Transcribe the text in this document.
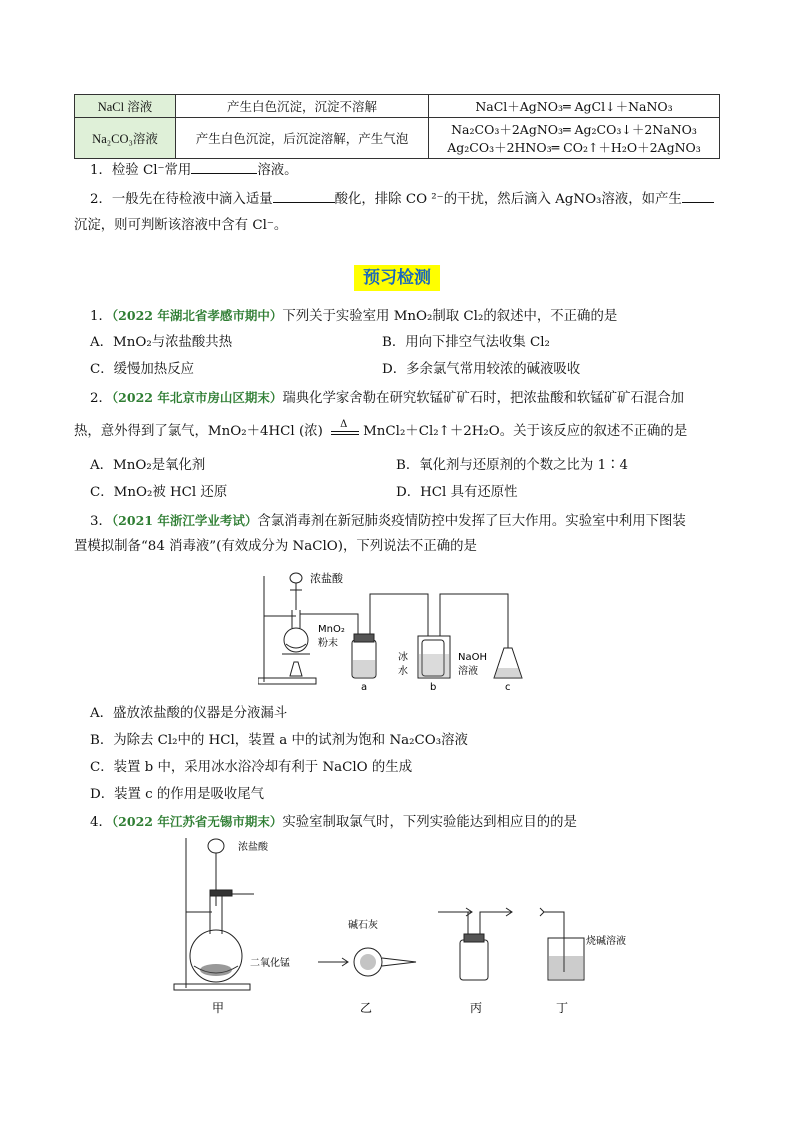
NaCl 溶液	产生白色沉淀，沉淀不溶解	NaCl＋AgNO₃═ AgCl↓＋NaNO₃
Na₂CO₃溶液	产生白色沉淀，后沉淀溶解，产生气泡	Na₂CO₃＋2AgNO₃═ Ag₂CO₃↓＋2NaNO₃
Ag₂CO₃＋2HNO₃═ CO₂↑＋H₂O＋2AgNO₃
1．检验 Cl⁻常用	溶液。
2．一般先在待检液中滴入适量	酸化，排除 CO ²⁻的干扰，然后滴入 AgNO₃溶液，如产生
沉淀，则可判断该溶液中含有 Cl⁻。
预习检测
1．（2022 年湖北省孝感市期中）下列关于实验室用 MnO₂制取 Cl₂的叙述中，不正确的是
A．MnO₂与浓盐酸共热	B．用向下排空气法收集 Cl₂
C．缓慢加热反应	D．多余氯气常用较浓的碱液吸收
2．（2022 年北京市房山区期末）瑞典化学家舍勒在研究软锰矿矿石时，把浓盐酸和软锰矿矿石混合加
热，意外得到了氯气，MnO₂＋4HCl (浓) Δ MnCl₂＋Cl₂↑＋2H₂O。关于该反应的叙述不正确的是
A．MnO₂是氧化剂	B．氧化剂与还原剂的个数之比为 1∶4
C．MnO₂被 HCl 还原	D．HCl 具有还原性
3．（2021 年浙江学业考试）含氯消毒剂在新冠肺炎疫情防控中发挥了巨大作用。实验室中利用下图装
置模拟制备“84 消毒液”(有效成分为 NaClO)，下列说法不正确的是
浓盐酸
MnO₂
粉末
冰
水
NaOH
溶液
a	b	c
A．盛放浓盐酸的仪器是分液漏斗
B．为除去 Cl₂中的 HCl，装置 a 中的试剂为饱和 Na₂CO₃溶液
C．装置 b 中，采用冰水浴冷却有利于 NaClO 的生成
D．装置 c 的作用是吸收尾气
4．（2022 年江苏省无锡市期末）实验室制取氯气时，下列实验能达到相应目的的是
浓盐酸
二氧化锰
碱石灰
烧碱溶液
甲	乙	丙	丁
